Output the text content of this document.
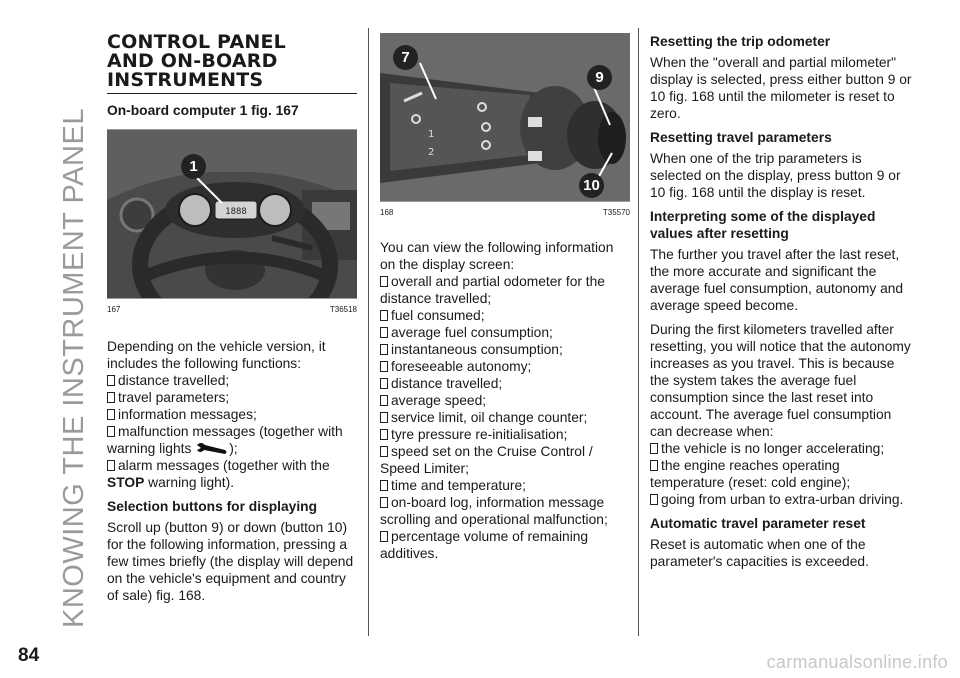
KNOWING THE INSTRUMENT PANEL
84	carmanualsonline.info
CONTROL PANEL
AND ON-BOARD
INSTRUMENTS
On-board computer 1 fig. 167
1888
1
167	T36518

Depending on the vehicle version, it includes the following functions:

distance travelled;
travel parameters;
information messages;
malfunction messages (together with
warning lights	);
alarm messages (together with the
STOP warning light).
Selection buttons for displaying

Scroll up (button 9) or down (button 10) for the following information, pressing a few times briefly (the display will depend on the vehicle's equipment and country of sale) fig. 168.

1
2
7
9
10
168	T35570

You can view the following information on the display screen:

overall and partial odometer for the distance travelled;
fuel consumed;
average fuel consumption;
instantaneous consumption;
foreseeable autonomy;
distance travelled;
average speed;
service limit, oil change counter;
tyre pressure re-initialisation;
speed set on the Cruise Control / Speed Limiter;
time and temperature;
on-board log, information message scrolling and operational malfunction;
percentage volume of remaining additives.
Resetting the trip odometer

When the "overall and partial milometer" display is selected, press either button 9 or 10 fig. 168 until the milometer is reset to zero.

Resetting travel parameters

When one of the trip parameters is selected on the display, press button 9 or 10 fig. 168 until the display is reset.

Interpreting some of the displayed values after resetting

The further you travel after the last reset, the more accurate and significant the average fuel consumption, autonomy and average speed become.

During the first kilometers travelled after resetting, you will notice that the autonomy increases as you travel. This is because the system takes the average fuel consumption since the last reset into account. The average fuel consumption can decrease when:

the vehicle is no longer accelerating;
the engine reaches operating temperature (reset: cold engine);
going from urban to extra-urban driving.
Automatic travel parameter reset

Reset is automatic when one of the parameter's capacities is exceeded.
